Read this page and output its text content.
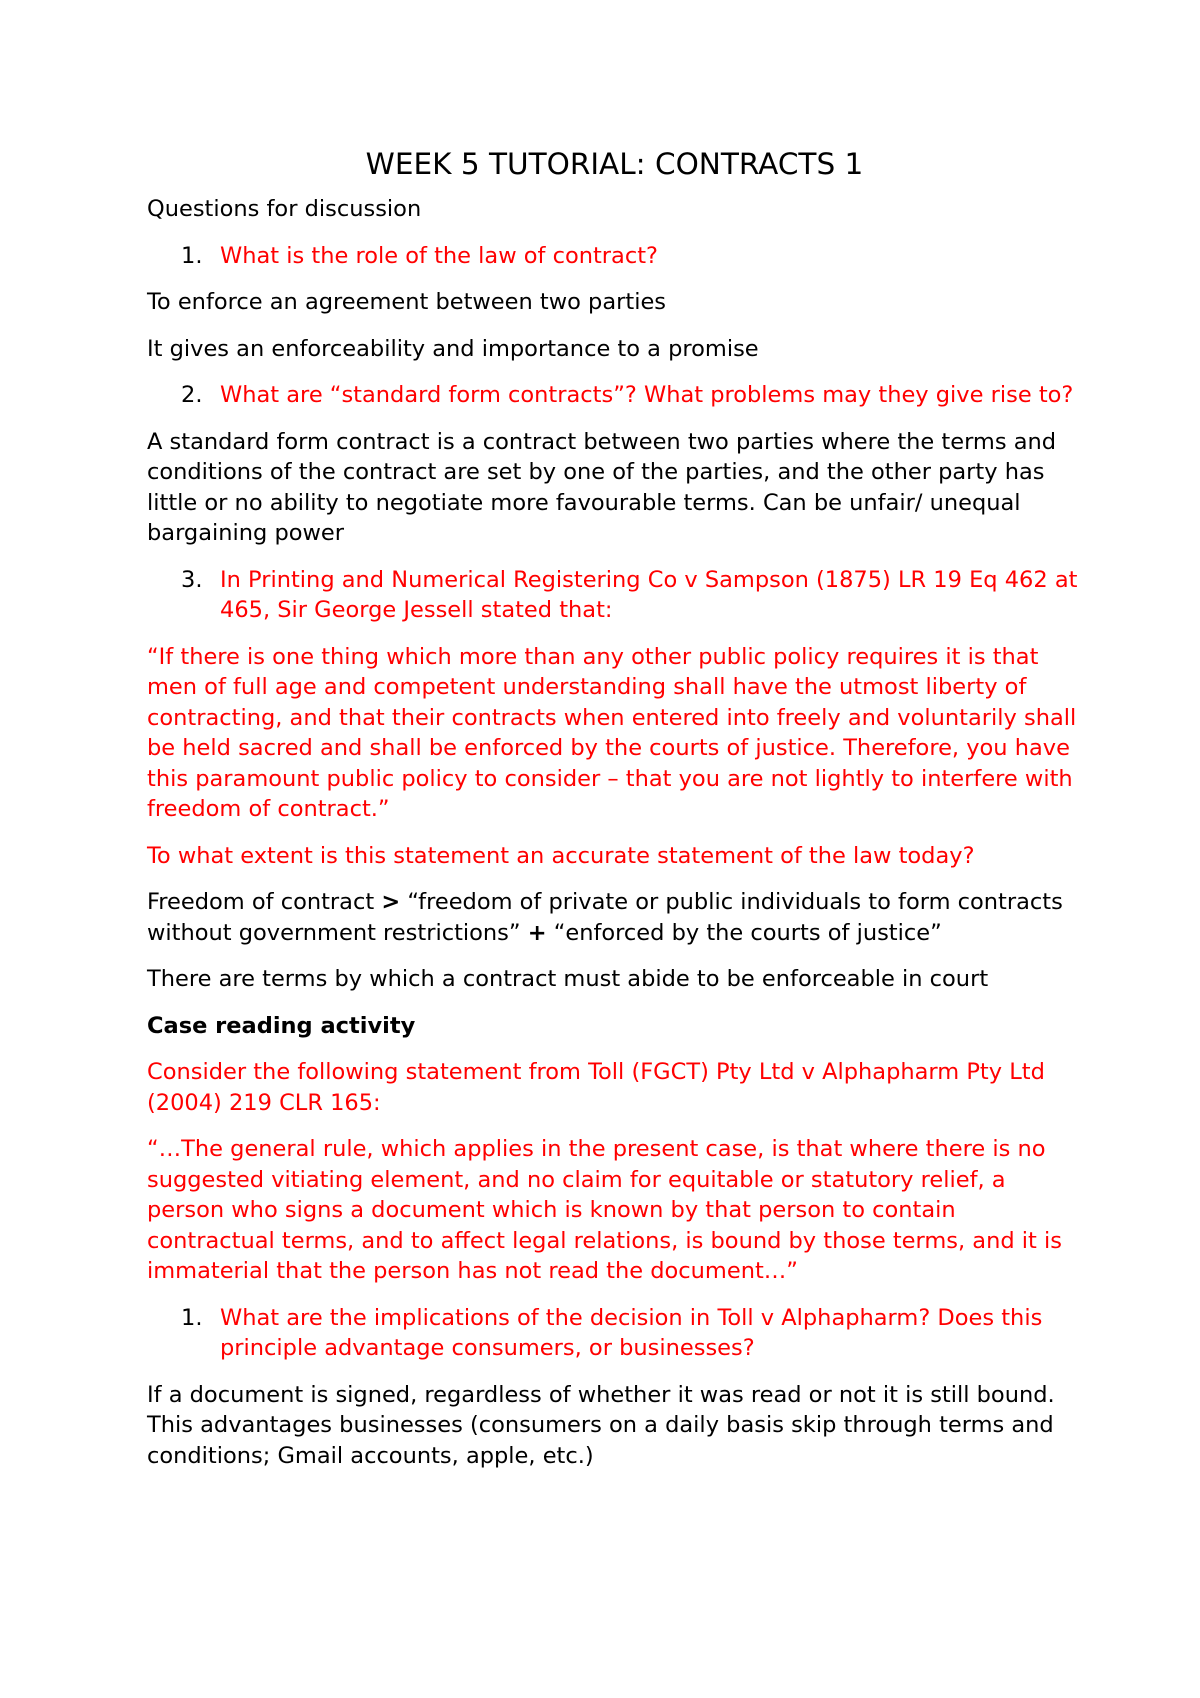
WEEK 5 TUTORIAL: CONTRACTS 1

Questions for discussion

1. What is the role of the law of contract?

To enforce an agreement between two parties

It gives an enforceability and importance to a promise

2. What are “standard form contracts”? What problems may they give rise to?

A standard form contract is a contract between two parties where the terms and conditions of the contract are set by one of the parties, and the other party has little or no ability to negotiate more favourable terms. Can be unfair/ unequal bargaining power

3. In Printing and Numerical Registering Co v Sampson (1875) LR 19 Eq 462 at 465, Sir George Jessell stated that:

“If there is one thing which more than any other public policy requires it is that men of full age and competent understanding shall have the utmost liberty of contracting, and that their contracts when entered into freely and voluntarily shall be held sacred and shall be enforced by the courts of justice. Therefore, you have this paramount public policy to consider – that you are not lightly to interfere with freedom of contract.”

To what extent is this statement an accurate statement of the law today?

Freedom of contract > “freedom of private or public individuals to form contracts without government restrictions” + “enforced by the courts of justice”

There are terms by which a contract must abide to be enforceable in court

Case reading activity

Consider the following statement from Toll (FGCT) Pty Ltd v Alphapharm Pty Ltd (2004) 219 CLR 165:

“…The general rule, which applies in the present case, is that where there is no suggested vitiating element, and no claim for equitable or statutory relief, a person who signs a document which is known by that person to contain contractual terms, and to affect legal relations, is bound by those terms, and it is immaterial that the person has not read the document…”

1. What are the implications of the decision in Toll v Alphapharm? Does this principle advantage consumers, or businesses?

If a document is signed, regardless of whether it was read or not it is still bound. This advantages businesses (consumers on a daily basis skip through terms and conditions; Gmail accounts, apple, etc.)
